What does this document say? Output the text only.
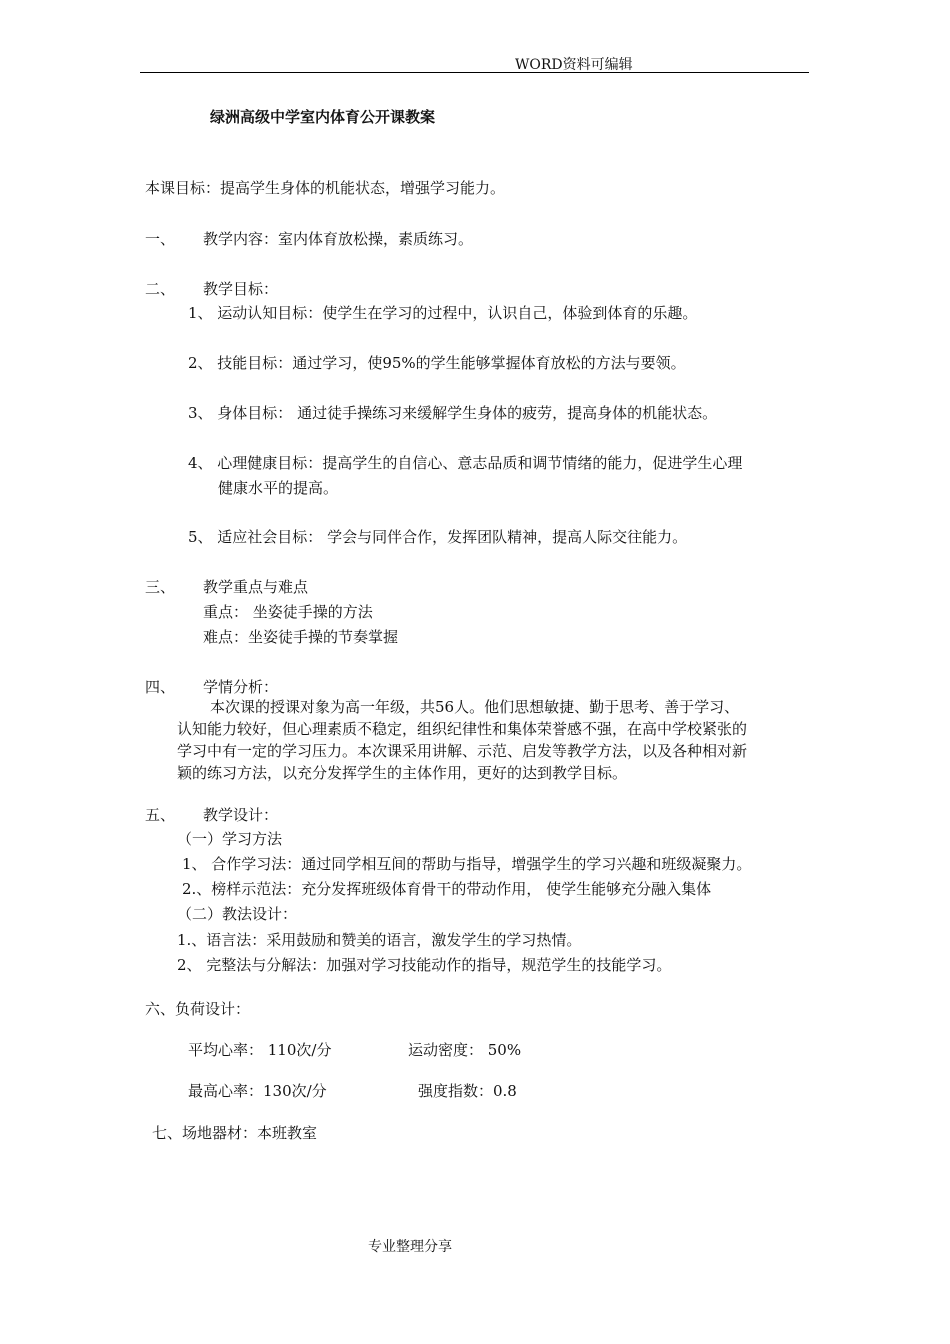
WORD资料可编辑
绿洲高级中学室内体育公开课教案
本课目标：提高学生身体的机能状态，增强学习能力。
一、 教学内容：室内体育放松操，素质练习。
二、 教学目标：
1、 运动认知目标：使学生在学习的过程中，认识自己，体验到体育的乐趣。
2、 技能目标：通过学习，使95%的学生能够掌握体育放松的方法与要领。
3、 身体目标： 通过徒手操练习来缓解学生身体的疲劳，提高身体的机能状态。
4、 心理健康目标：提高学生的自信心、意志品质和调节情绪的能力，促进学生心理
健康水平的提高。
5、 适应社会目标： 学会与同伴合作，发挥团队精神，提高人际交往能力。
三、 教学重点与难点
重点： 坐姿徒手操的方法
难点：坐姿徒手操的节奏掌握
四、 学情分析：
本次课的授课对象为高一年级，共56人。他们思想敏捷、勤于思考、善于学习、
认知能力较好，但心理素质不稳定，组织纪律性和集体荣誉感不强，在高中学校紧张的
学习中有一定的学习压力。本次课采用讲解、示范、启发等教学方法，以及各种相对新
颖的练习方法，以充分发挥学生的主体作用，更好的达到教学目标。
五、 教学设计：
（一）学习方法
1、 合作学习法：通过同学相互间的帮助与指导，增强学生的学习兴趣和班级凝聚力。
2.、榜样示范法：充分发挥班级体育骨干的带动作用， 使学生能够充分融入集体
（二）教法设计：
1.、语言法：采用鼓励和赞美的语言，激发学生的学习热情。
2、 完整法与分解法：加强对学习技能动作的指导，规范学生的技能学习。
六、负荷设计：
平均心率： 110次/分	运动密度： 50%
最高心率：130次/分	强度指数：0.8
七、场地器材：本班教室
专业整理分享
